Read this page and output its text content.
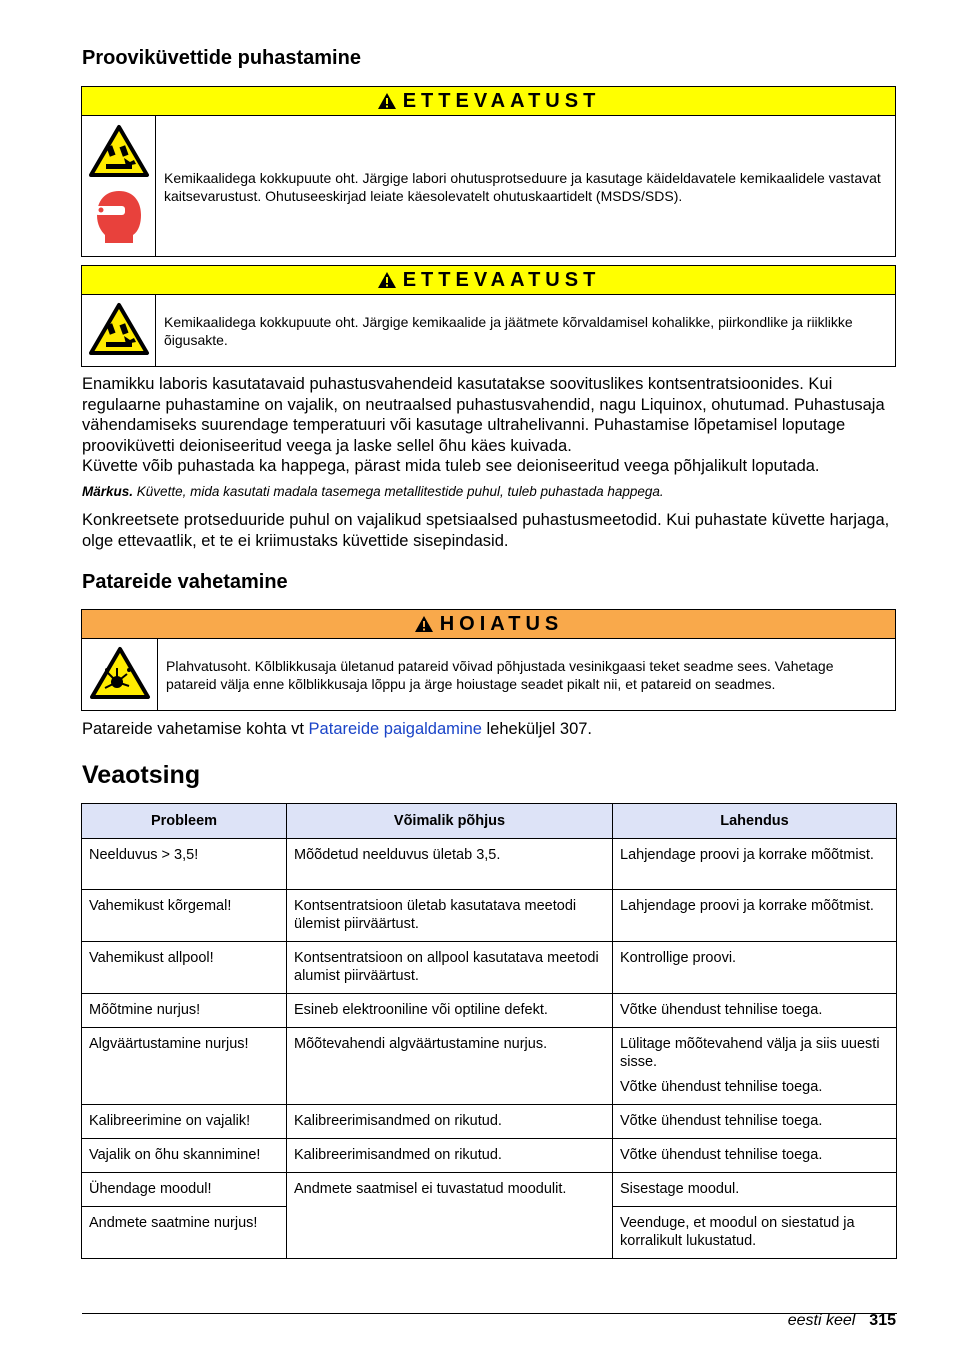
Prooviküvettide puhastamine
ETTEVAATUST
Kemikaalidega kokkupuute oht. Järgige labori ohutusprotseduure ja kasutage käideldavatele kemikaalidele vastavat kaitsevarustust. Ohutuseeskirjad leiate käesolevatelt ohutuskaartidelt (MSDS/SDS).
ETTEVAATUST
Kemikaalidega kokkupuute oht. Järgige kemikaalide ja jäätmete kõrvaldamisel kohalikke, piirkondlike ja riiklikke õigusakte.

Enamikku laboris kasutatavaid puhastusvahendeid kasutatakse soovituslikes kontsentratsioonides. Kui regulaarne puhastamine on vajalik, on neutraalsed puhastusvahendid, nagu Liquinox, ohutumad. Puhastusaja vähendamiseks suurendage temperatuuri või kasutage ultrahelivanni. Puhastamise lõpetamisel loputage prooviküvetti deioniseeritud veega ja laske sellel õhu käes kuivada.

Küvette võib puhastada ka happega, pärast mida tuleb see deioniseeritud veega põhjalikult loputada.

Märkus. Küvette, mida kasutati madala tasemega metallitestide puhul, tuleb puhastada happega.

Konkreetsete protseduuride puhul on vajalikud spetsiaalsed puhastusmeetodid. Kui puhastate küvette harjaga, olge ettevaatlik, et te ei kriimustaks küvettide sisepindasid.

Patareide vahetamine
HOIATUS
Plahvatusoht. Kõlblikkusaja ületanud patareid võivad põhjustada vesinikgaasi teket seadme sees. Vahetage patareid välja enne kõlblikkusaja lõppu ja ärge hoiustage seadet pikalt nii, et patareid on seadmes.

Patareide vahetamise kohta vt Patareide paigaldamine leheküljel 307.

Veaotsing
Probleem	Võimalik põhjus	Lahendus
Neelduvus > 3,5!	Mõõdetud neelduvus ületab 3,5.	Lahjendage proovi ja korrake mõõtmist.
Vahemikust kõrgemal!	Kontsentratsioon ületab kasutatava meetodi ülemist piirväärtust.	Lahjendage proovi ja korrake mõõtmist.
Vahemikust allpool!	Kontsentratsioon on allpool kasutatava meetodi alumist piirväärtust.	Kontrollige proovi.
Mõõtmine nurjus!	Esineb elektrooniline või optiline defekt.	Võtke ühendust tehnilise toega.
Algväärtustamine nurjus!	Mõõtevahendi algväärtustamine nurjus.	Lülitage mõõtevahend välja ja siis uuesti sisse.
Võtke ühendust tehnilise toega.

Kalibreerimine on vajalik!	Kalibreerimisandmed on rikutud.	Võtke ühendust tehnilise toega.
Vajalik on õhu skannimine!	Kalibreerimisandmed on rikutud.	Võtke ühendust tehnilise toega.
Ühendage moodul!	Andmete saatmisel ei tuvastatud moodulit.	Sisestage moodul.
Andmete saatmine nurjus!		Veenduge, et moodul on siestatud ja korralikult lukustatud.
eesti keel 315
